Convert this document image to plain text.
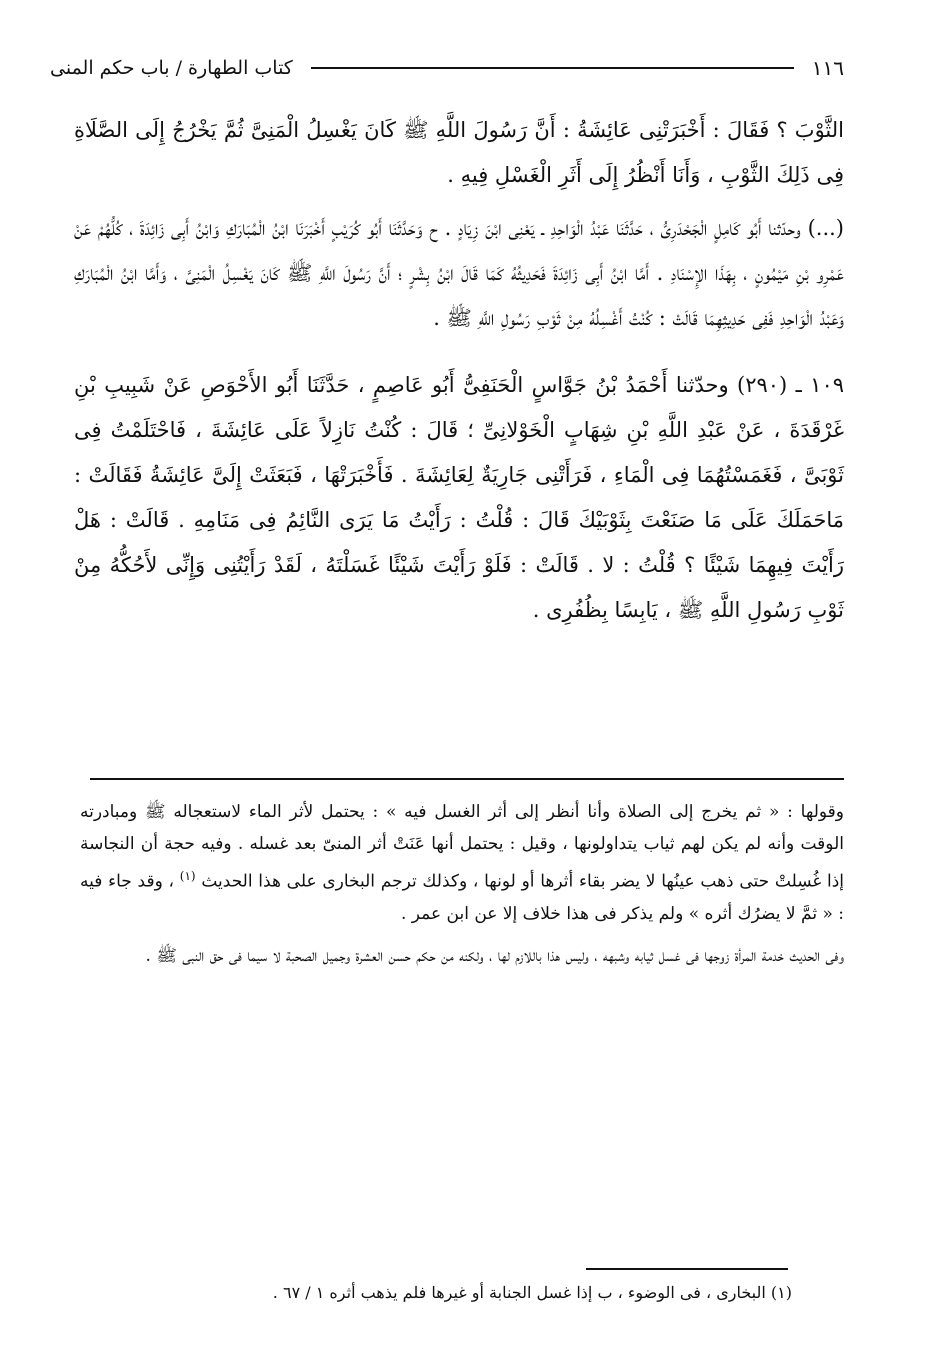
١١٦
كتاب الطهارة / باب حكم المنى

الثَّوْبَ ؟ فَقَالَ : أَخْبَرَتْنِى عَائِشَةُ : أَنَّ رَسُولَ اللَّهِ ﷺ كَانَ يَغْسِلُ الْمَنِىَّ ثُمَّ يَخْرُجُ إِلَى الصَّلَاةِ فِى ذَلِكَ الثَّوْبِ ، وَأَنَا أَنْظُرُ إِلَى أَثَرِ الْغَسْلِ فِيهِ .

(...) وحدّثنا أَبُو كَامِلٍ الْجَحْدَرِىُّ ، حَدَّثَنَا عَبْدُ الْوَاحِدِ ـ يَعْنِى ابْنَ زِيَادٍ . ح وَحَدَّثَنَا أَبُو كُرَيْبٍ أَخْبَرَنَا ابْنُ الْمُبَارَكِ وَابْنُ أَبِى زَائِدَةَ ، كُلُّهُمْ عَنْ عَمْرِو بْنِ مَيْمُونٍ ، بِهَذَا الإِسْنَادِ . أَمَّا ابْنُ أَبِى زَائِدَةَ فَحَدِيثُهُ كَمَا قَالَ ابْنُ بِشْرٍ ؛ أَنَّ رَسُولَ اللَّهِ ﷺ كَانَ يَغْسِلُ الْمَنِىَّ ، وَأَمَّا ابْنُ الْمُبَارَكِ وَعَبْدُ الْوَاحِدِ فَفِى حَدِيثِهِمَا قَالَتْ : كُنْتُ أَغْسِلُهُ مِنْ ثَوْبِ رَسُولِ اللَّهِ ﷺ .

١٠٩ ـ (٢٩٠) وحدّثنا أَحْمَدُ بْنُ جَوَّاسٍ الْحَنَفِىُّ أَبُو عَاصِمٍ ، حَدَّثَنَا أَبُو الأَحْوَصِ عَنْ شَبِيبِ بْنِ غَرْقَدَةَ ، عَنْ عَبْدِ اللَّهِ بْنِ شِهَابٍ الْخَوْلانِىِّ ؛ قَالَ : كُنْتُ نَازِلاً عَلَى عَائِشَةَ ، فَاحْتَلَمْتُ فِى ثَوْبَىَّ ، فَغَمَسْتُهُمَا فِى الْمَاءِ ، فَرَأَتْنِى جَارِيَةٌ لِعَائِشَةَ . فَأَخْبَرَتْهَا ، فَبَعَثَتْ إِلَىَّ عَائِشَةُ فَقَالَتْ : مَاحَمَلَكَ عَلَى مَا صَنَعْتَ بِثَوْبَيْكَ قَالَ : قُلْتُ : رَأَيْتُ مَا يَرَى النَّائِمُ فِى مَنَامِهِ . قَالَتْ : هَلْ رَأَيْتَ فِيهِمَا شَيْئًا ؟ قُلْتُ : لا . قَالَتْ : فَلَوْ رَأَيْتَ شَيْئًا غَسَلْتَهُ ، لَقَدْ رَأَيْتُنِى وَإِنِّى لأَحُكُّهُ مِنْ ثَوْبِ رَسُولِ اللَّهِ ﷺ ، يَابِسًا بِظُفُرِى .

وقولها : « ثم يخرج إلى الصلاة وأنا أنظر إلى أثر الغسل فيه » : يحتمل لأثر الماء لاستعجاله ﷺ ومبادرته الوقت وأنه لم يكن لهم ثياب يتداولونها ، وقيل : يحتمل أنها عَنَتْ أثر المنىّ بعد غسله . وفيه حجة أن النجاسة إذا غُسِلتْ حتى ذهب عينُها لا يضر بقاء أثرها أو لونها ، وكذلك ترجم البخارى على هذا الحديث $^{(١)}$ ، وقد جاء فيه : « ثمَّ لا يضرُك أثره » ولم يذكر فى هذا خلاف إلا عن ابن عمر .

وفى الحديث خدمة المرأة زوجها فى غسل ثيابه وشبهه ، وليس هذا باللازم لها ، ولكنه من حكم حسن العشرة وجميل الصحبة لا سيما فى حق النبى ﷺ .

(١) البخارى ، فى الوضوء ، ب إذا غسل الجنابة أو غيرها فلم يذهب أثره ١ / ٦٧ .
